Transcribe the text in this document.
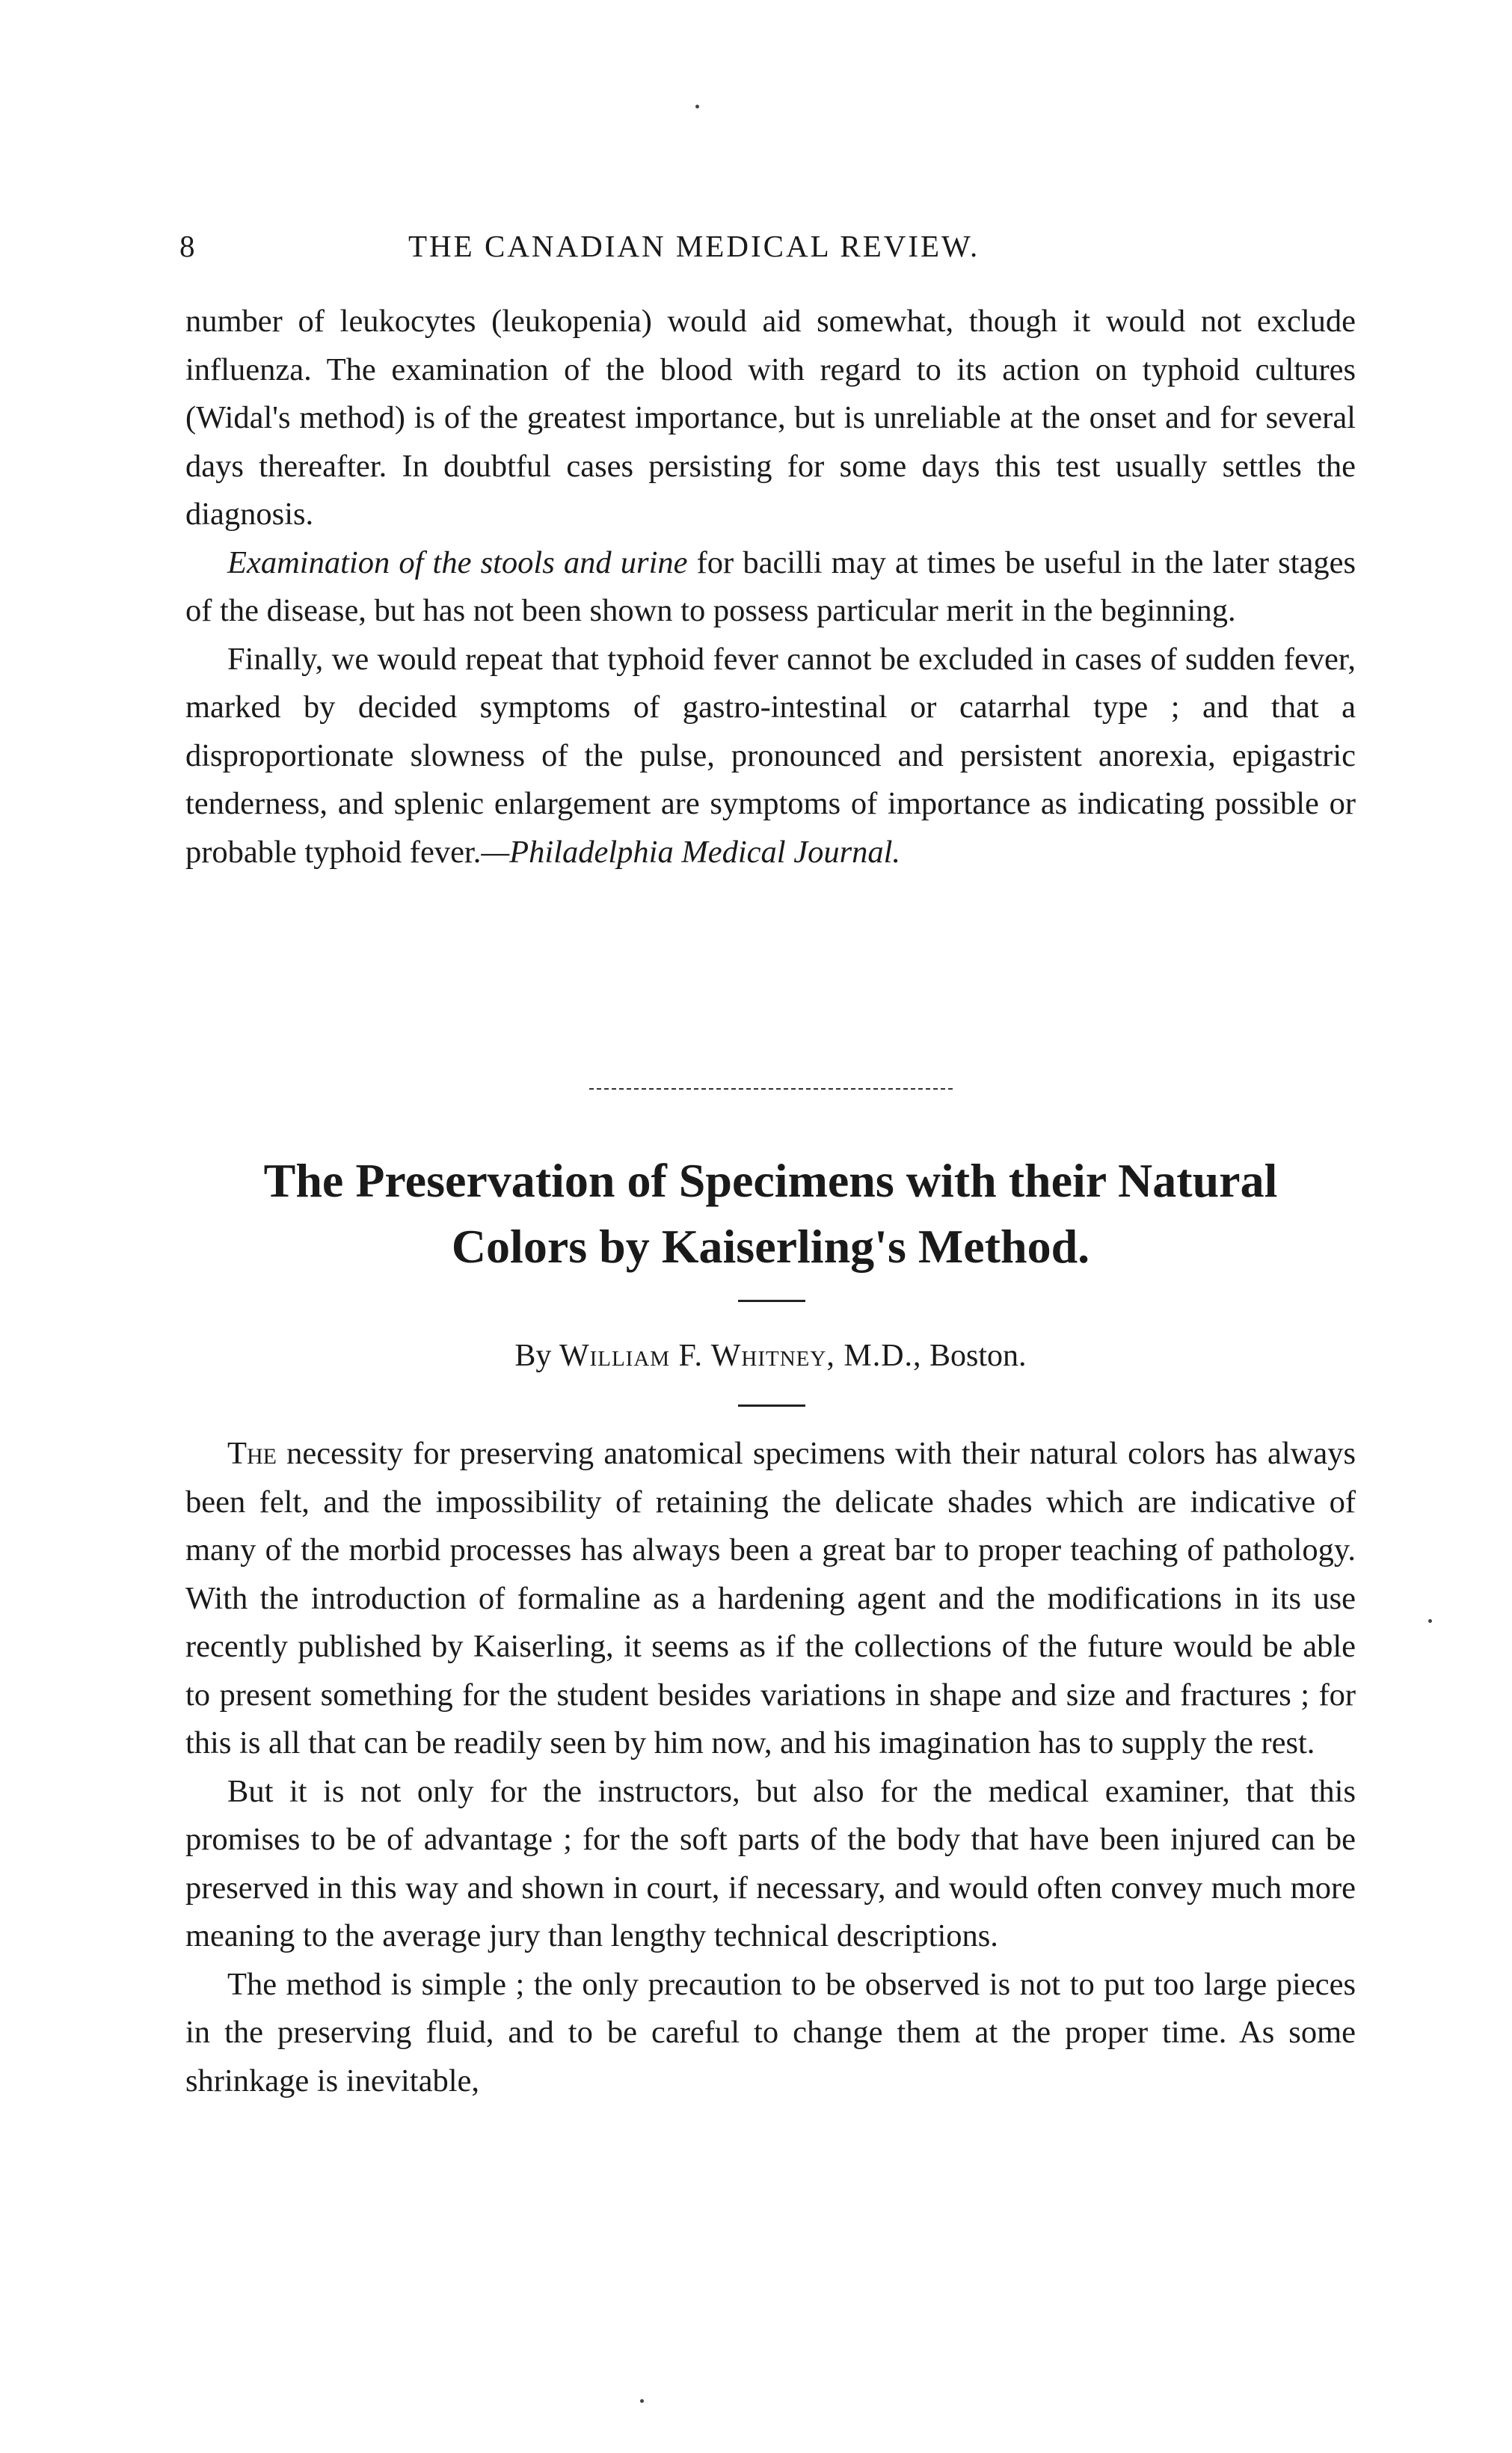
8	THE CANADIAN MEDICAL REVIEW.

number of leukocytes (leukopenia) would aid somewhat, though it would not exclude influenza. The examination of the blood with regard to its action on typhoid cultures (Widal's method) is of the greatest importance, but is unreliable at the onset and for several days thereafter. In doubtful cases persisting for some days this test usually settles the diagnosis.

Examination of the stools and urine for bacilli may at times be useful in the later stages of the disease, but has not been shown to possess particular merit in the beginning.

Finally, we would repeat that typhoid fever cannot be excluded in cases of sudden fever, marked by decided symptoms of gastro-intestinal or catarrhal type ; and that a disproportionate slowness of the pulse, pronounced and persistent anorexia, epigastric tenderness, and splenic enlargement are symptoms of importance as indicating possible or probable typhoid fever.—Philadelphia Medical Journal.

The Preservation of Specimens with their Natural
Colors by Kaiserling's Method.
By William F. Whitney, M.D., Boston.

The necessity for preserving anatomical specimens with their natural colors has always been felt, and the impossibility of retaining the delicate shades which are indicative of many of the morbid processes has always been a great bar to proper teaching of pathology. With the introduction of formaline as a hardening agent and the modifications in its use recently published by Kaiserling, it seems as if the collections of the future would be able to present something for the student besides variations in shape and size and fractures ; for this is all that can be readily seen by him now, and his imagination has to supply the rest.

But it is not only for the instructors, but also for the medical examiner, that this promises to be of advantage ; for the soft parts of the body that have been injured can be preserved in this way and shown in court, if necessary, and would often convey much more meaning to the average jury than lengthy technical descriptions.

The method is simple ; the only precaution to be observed is not to put too large pieces in the preserving fluid, and to be careful to change them at the proper time. As some shrinkage is inevitable,
